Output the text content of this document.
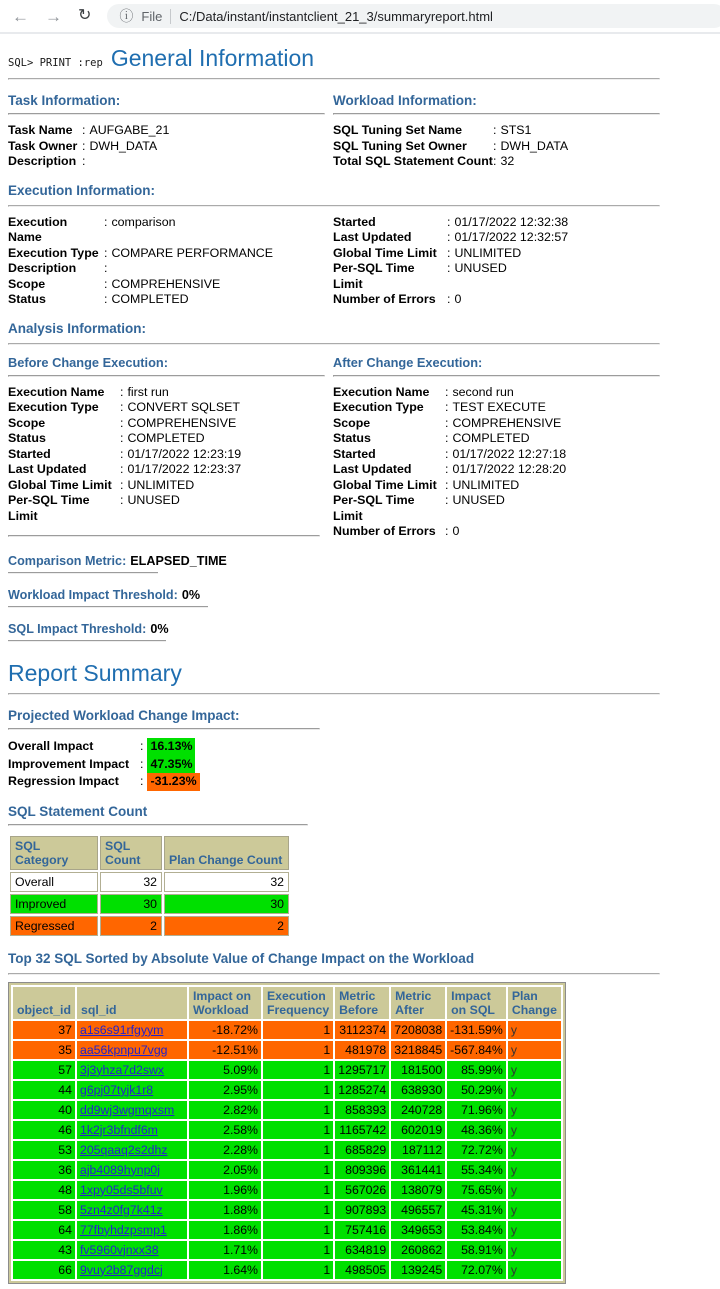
← → ↻ ⓘ File C:/Data/instant/instantclient_21_3/summaryreport.html
SQL> PRINT :rep General Information
Task Information:
Task Name : AUFGABE_21
Task Owner : DWH_DATA
Description :
Workload Information:
SQL Tuning Set Name	: STS1
SQL Tuning Set Owner	: DWH_DATA
Total SQL Statement Count : 32
Execution Information:
Execution Name
: comparison
Execution Type : COMPARE PERFORMANCE
Description	:
Scope	: COMPREHENSIVE
Status	: COMPLETED
Started	: 01/17/2022 12:32:38
Last Updated	: 01/17/2022 12:32:57
Global Time Limit : UNLIMITED
Per-SQL Time Limit
: UNUSED
Number of Errors : 0
Analysis Information:
Before Change Execution:
Execution Name	: first run
Execution Type	: CONVERT SQLSET
Scope	: COMPREHENSIVE
Status	: COMPLETED
Started	: 01/17/2022 12:23:19
Last Updated	: 01/17/2022 12:23:37
Global Time Limit : UNLIMITED
Per-SQL Time Limit
: UNUSED
After Change Execution:
Execution Name	: second run
Execution Type	: TEST EXECUTE
Scope	: COMPREHENSIVE
Status	: COMPLETED
Started	: 01/17/2022 12:27:18
Last Updated	: 01/17/2022 12:28:20
Global Time Limit : UNLIMITED
Per-SQL Time Limit
: UNUSED
Number of Errors : 0
Comparison Metric: ELAPSED_TIME
Workload Impact Threshold: 0%
SQL Impact Threshold: 0%
Report Summary
Projected Workload Change Impact:
Overall Impact	: 16.13%
Improvement Impact : 47.35%
Regression Impact	: -31.23%
SQL Statement Count
SQL Category	SQL Count	Plan Change Count
Overall	32	32
Improved	30	30
Regressed	2	2
Top 32 SQL Sorted by Absolute Value of Change Impact on the Workload
object_id	sql_id	Impact on Workload	Execution Frequency	Metric Before	Metric After	Impact on SQL	Plan Change
37	a1s6s91rfgyym	-18.72%	1	3112374	7208038	-131.59%	y
35	aa56kpnpu7vgg	-12.51%	1	481978	3218845	-567.84%	y
57	3j3yhza7d2swx	5.09%	1	1295717	181500	85.99%	y
44	g6pj07tyjk1r8	2.95%	1	1285274	638930	50.29%	y
40	dd9wj3wgmqxsm	2.82%	1	858393	240728	71.96%	y
46	1k2jr3bfndf6m	2.58%	1	1165742	602019	48.36%	y
53	205qaaq2s2dhz	2.28%	1	685829	187112	72.72%	y
36	ajb4089hynp0j	2.05%	1	809396	361441	55.34%	y
48	1xpy05ds5bfuv	1.96%	1	567026	138079	75.65%	y
58	5zn4z0fg7k41z	1.88%	1	907893	496557	45.31%	y
64	77fbyhdzpsmp1	1.86%	1	757416	349653	53.84%	y
43	fv5960vjnxx38	1.71%	1	634819	260862	58.91%	y
66	9vuy2b87ggdcj	1.64%	1	498505	139245	72.07%	y
